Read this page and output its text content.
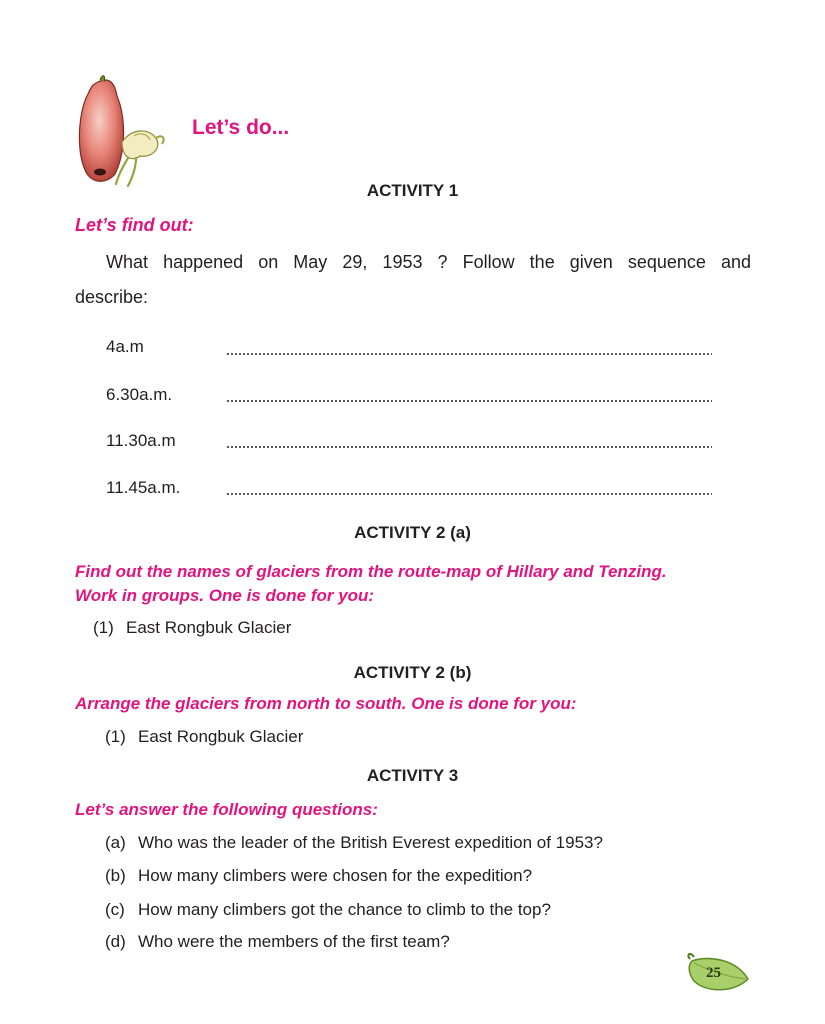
Let’s do...
ACTIVITY 1
Let’s find out:
What happened on May 29, 1953 ? Follow the given sequence and
describe:
4a.m
6.30a.m.
11.30a.m
11.45a.m.
ACTIVITY 2 (a)
Find out the names of glaciers from the route-map of Hillary and Tenzing.
Work in groups. One is done for you:
(1) East Rongbuk Glacier
ACTIVITY 2 (b)
Arrange the glaciers from north to south. One is done for you:
(1) East Rongbuk Glacier
ACTIVITY 3
Let’s answer the following questions:
(a) Who was the leader of the British Everest expedition of 1953?
(b) How many climbers were chosen for the expedition?
(c) How many climbers got the chance to climb to the top?
(d) Who were the members of the first team?
25
